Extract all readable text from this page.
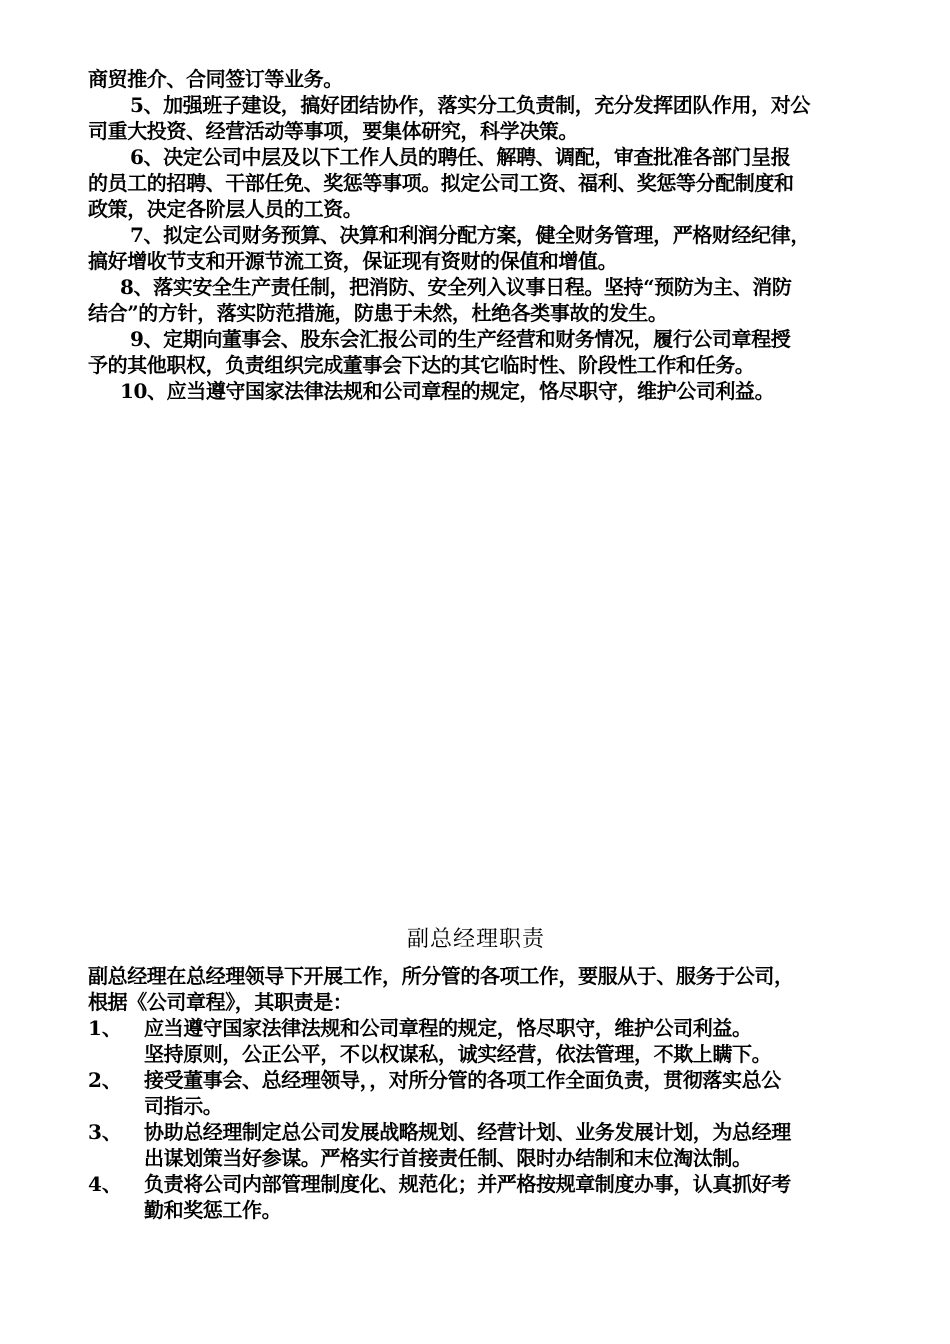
商贸推介、合同签订等业务。
5、加强班子建设，搞好团结协作，落实分工负责制，充分发挥团队作用，对公
司重大投资、经营活动等事项，要集体研究，科学决策。
6、决定公司中层及以下工作人员的聘任、解聘、调配，审查批准各部门呈报
的员工的招聘、干部任免、奖惩等事项。拟定公司工资、福利、奖惩等分配制度和
政策，决定各阶层人员的工资。
7、拟定公司财务预算、决算和利润分配方案，健全财务管理，严格财经纪律，
搞好增收节支和开源节流工资，保证现有资财的保值和增值。
8、落实安全生产责任制，把消防、安全列入议事日程。坚持“预防为主、消防
结合”的方针，落实防范措施，防患于未然，杜绝各类事故的发生。
9、定期向董事会、股东会汇报公司的生产经营和财务情况，履行公司章程授
予的其他职权，负责组织完成董事会下达的其它临时性、阶段性工作和任务。
10、应当遵守国家法律法规和公司章程的规定，恪尽职守，维护公司利益。
副总经理职责
副总经理在总经理领导下开展工作，所分管的各项工作，要服从于、服务于公司，
根据《公司章程》，其职责是：
1、	应当遵守国家法律法规和公司章程的规定，恪尽职守，维护公司利益。
坚持原则，公正公平，不以权谋私，诚实经营，依法管理，不欺上瞒下。
2、	接受董事会、总经理领导，，对所分管的各项工作全面负责，贯彻落实总公
司指示。
3、	协助总经理制定总公司发展战略规划、经营计划、业务发展计划，为总经理
出谋划策当好参谋。严格实行首接责任制、限时办结制和末位淘汰制。
4、	负责将公司内部管理制度化、规范化；并严格按规章制度办事，认真抓好考
勤和奖惩工作。
